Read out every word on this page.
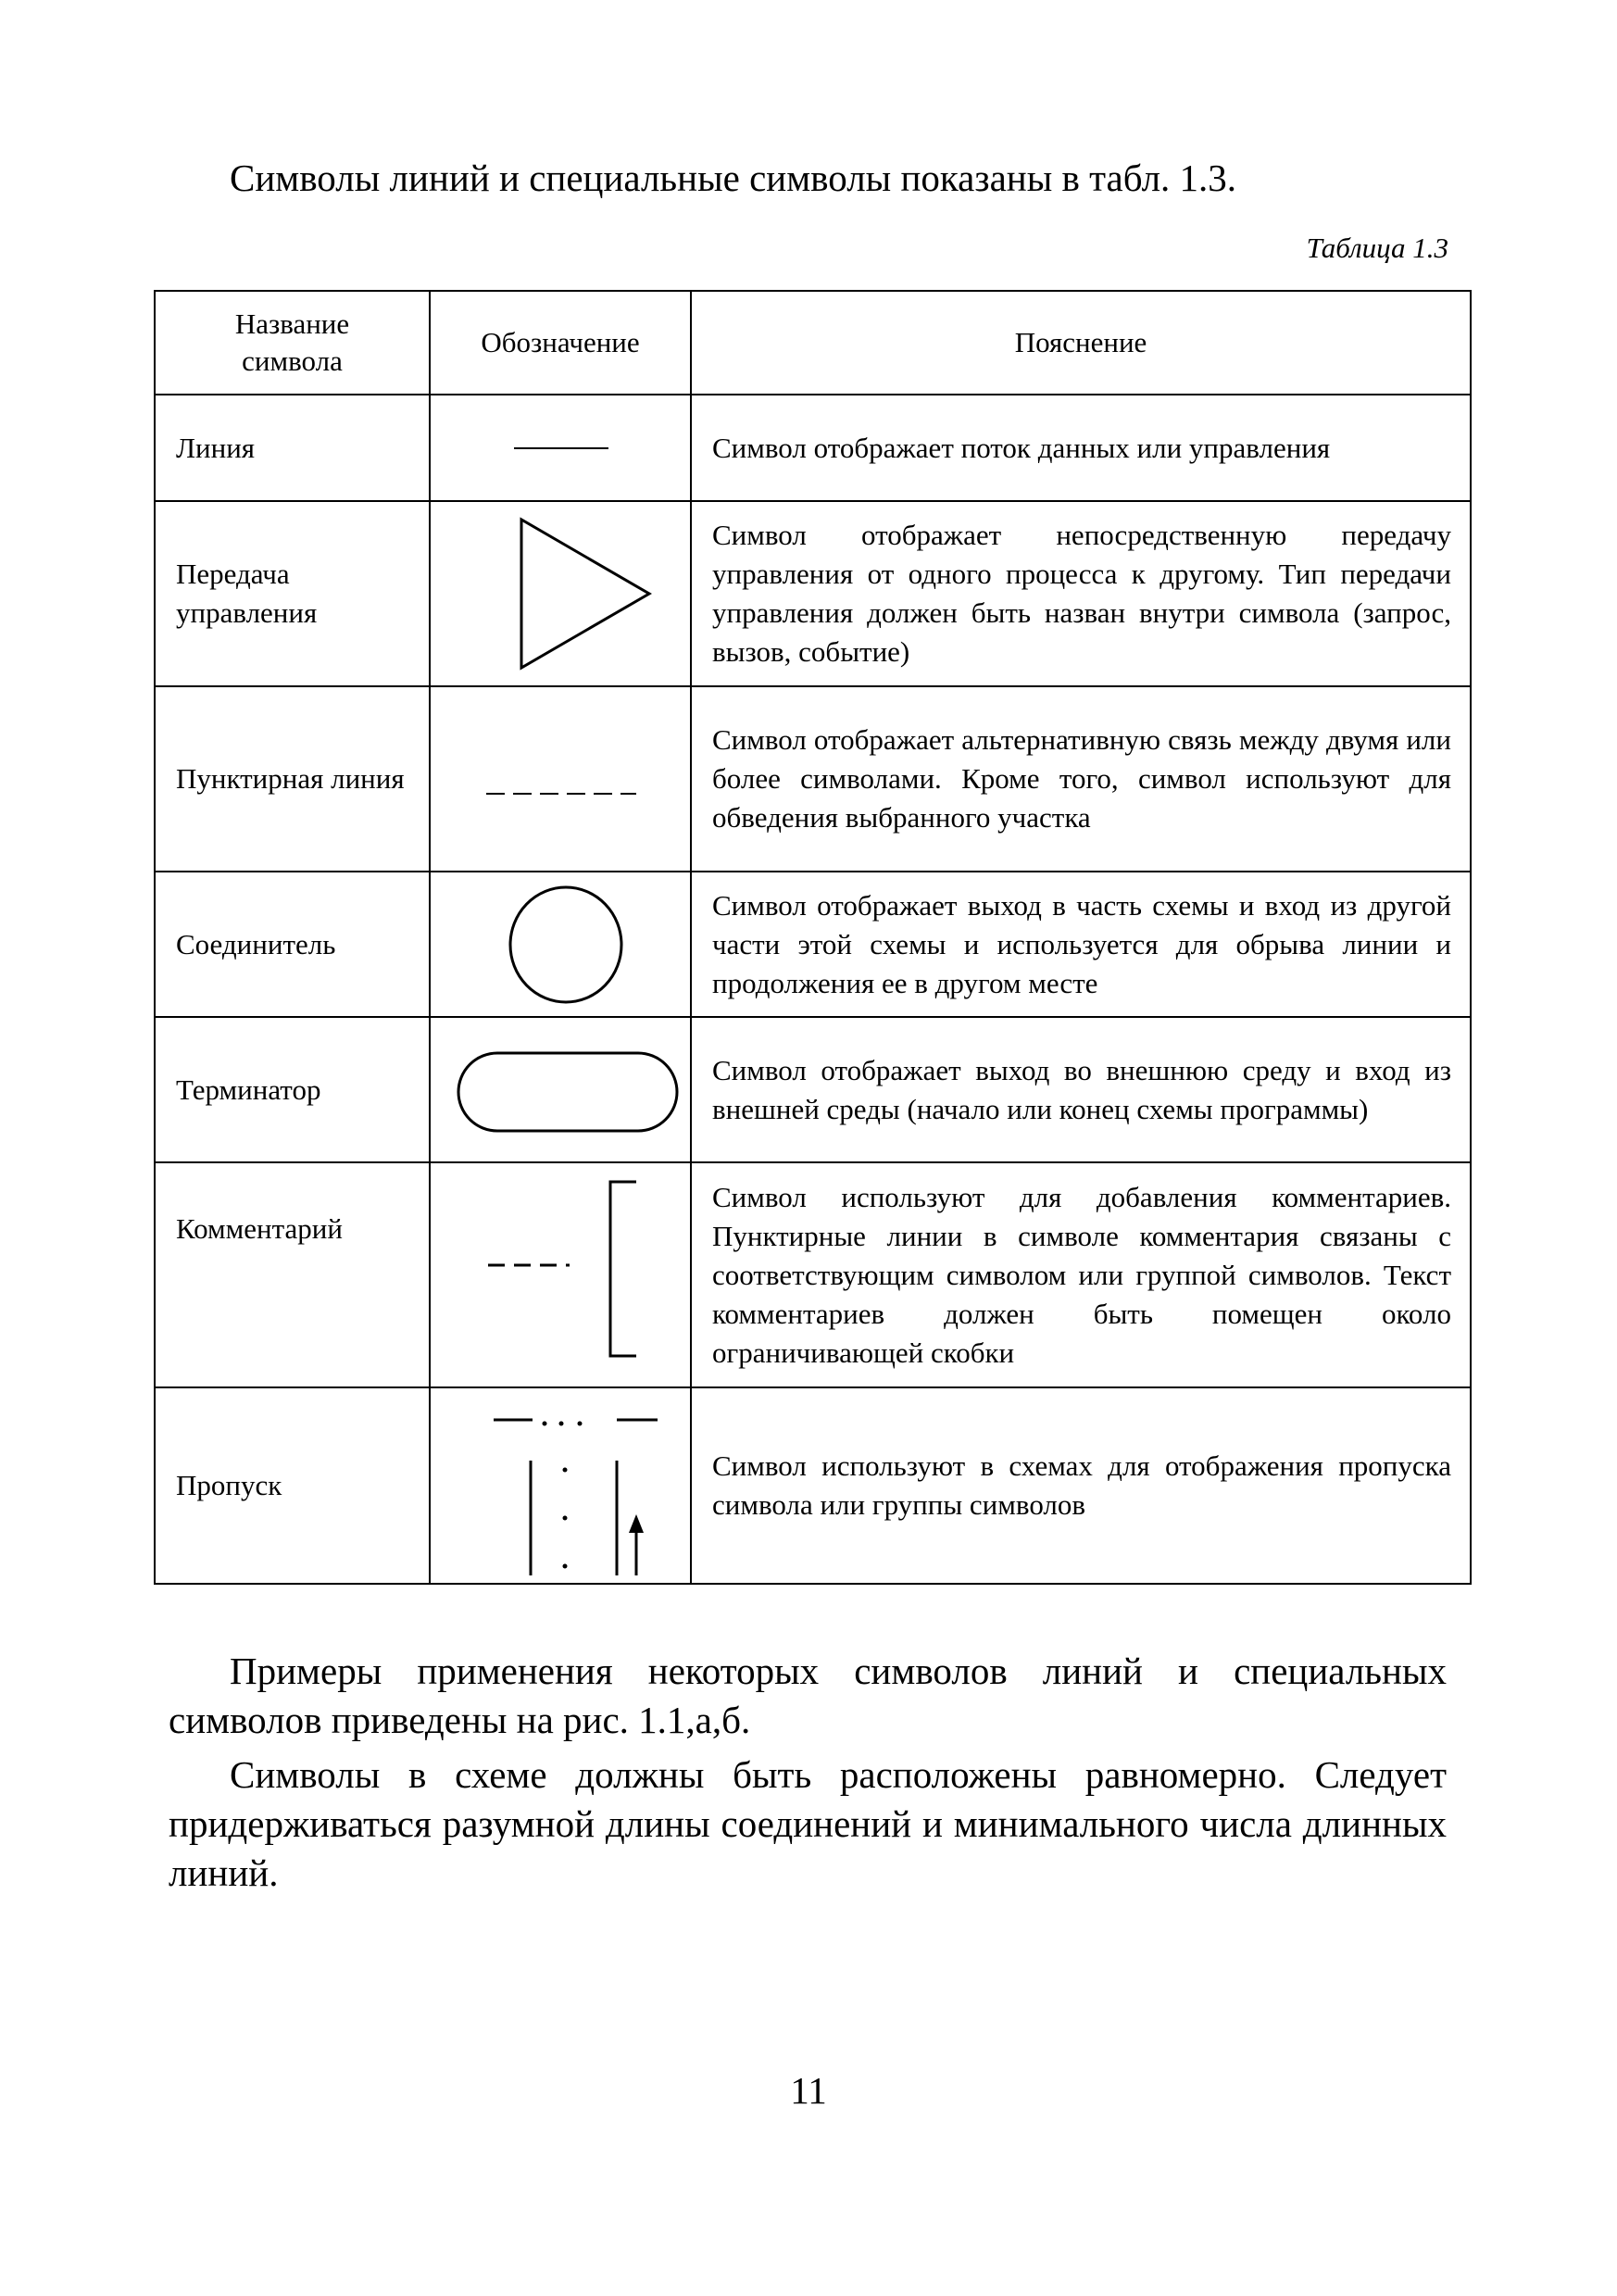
Символы линий и специальные символы показаны в табл. 1.3.

Таблица 1.3

Название символа	Обозначение	Пояснение
Линия		Символ отображает поток данных или управления
Передача управления		Символ отображает непосредственную передачу управления от одного процесса к другому. Тип передачи управления должен быть назван внутри символа (запрос, вызов, событие)
Пунктирная линия		Символ отображает альтернативную связь между двумя или более символами. Кроме того, символ используют для обведения выбранного участка
Соединитель		Символ отображает выход в часть схемы и вход из другой части этой схемы и используется для обрыва линии и продолжения ее в другом месте
Терминатор		Символ отображает выход во внешнюю среду и вход из внешней среды (начало или конец схемы программы)
Комментарий		Символ используют для добавления комментариев. Пунктирные линии в символе комментария связаны с соответствующим символом или группой символов. Текст комментариев должен быть помещен около ограничивающей скобки
Пропуск		Символ используют в схемах для отображения пропуска символа или группы символов

Примеры применения некоторых символов линий и специальных символов приведены на рис. 1.1,а,б.

Символы в схеме должны быть расположены равномерно. Следует придерживаться разумной длины соединений и минимального числа длинных линий.

11
